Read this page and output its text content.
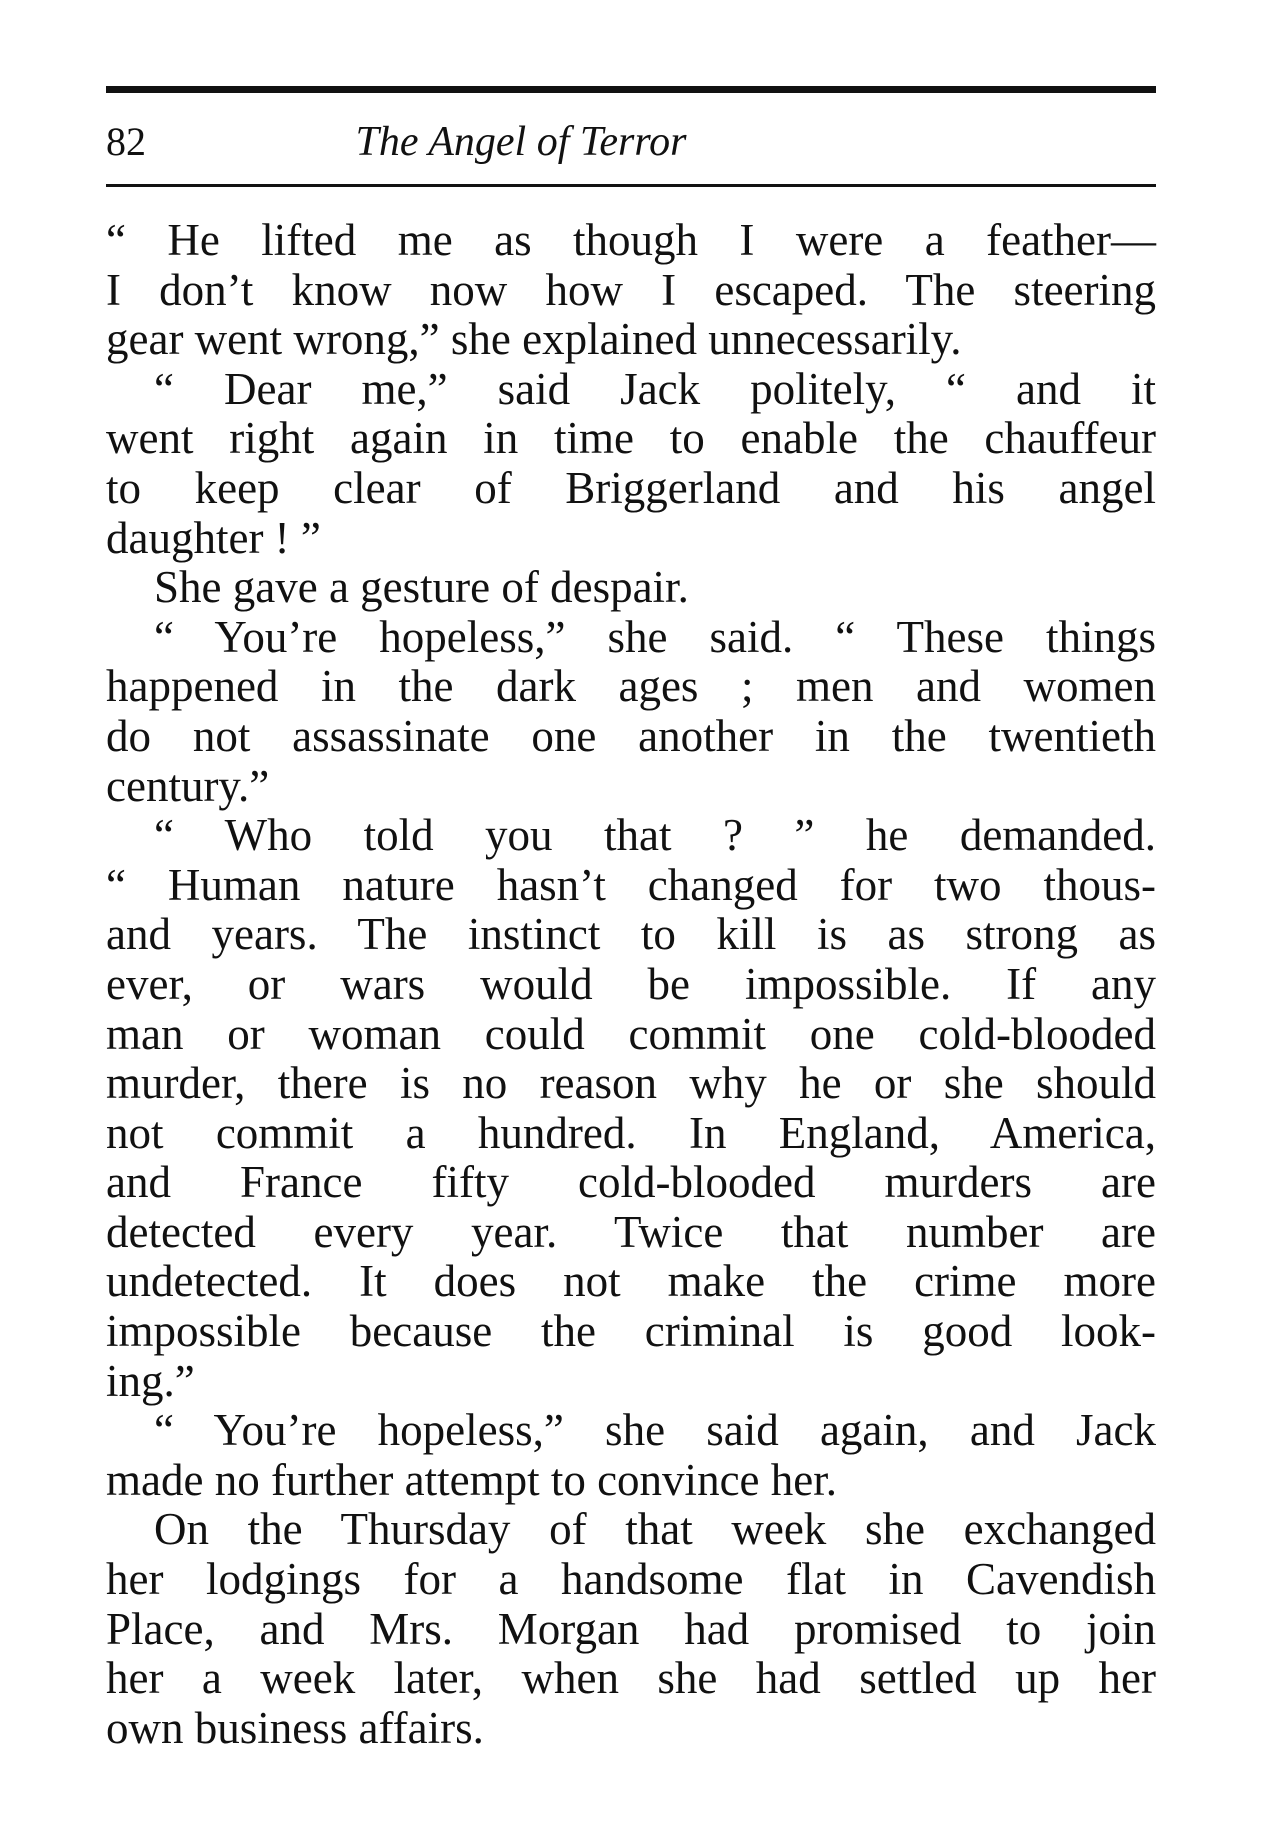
82	The Angel of Terror
“ He lifted me as though I were a feather—
I don’t know now how I escaped. The steering
gear went wrong,” she explained unnecessarily.
“ Dear me,” said Jack politely, “ and it
went right again in time to enable the chauffeur
to keep clear of Briggerland and his angel
daughter ! ”
She gave a gesture of despair.
“ You’re hopeless,” she said. “ These things
happened in the dark ages ; men and women
do not assassinate one another in the twentieth
century.”
“ Who told you that ? ” he demanded.
“ Human nature hasn’t changed for two thous-
and years. The instinct to kill is as strong as
ever, or wars would be impossible. If any
man or woman could commit one cold-blooded
murder, there is no reason why he or she should
not commit a hundred. In England, America,
and France fifty cold-blooded murders are
detected every year. Twice that number are
undetected. It does not make the crime more
impossible because the criminal is good look-
ing.”
“ You’re hopeless,” she said again, and Jack
made no further attempt to convince her.
On the Thursday of that week she exchanged
her lodgings for a handsome flat in Cavendish
Place, and Mrs. Morgan had promised to join
her a week later, when she had settled up her
own business affairs.
